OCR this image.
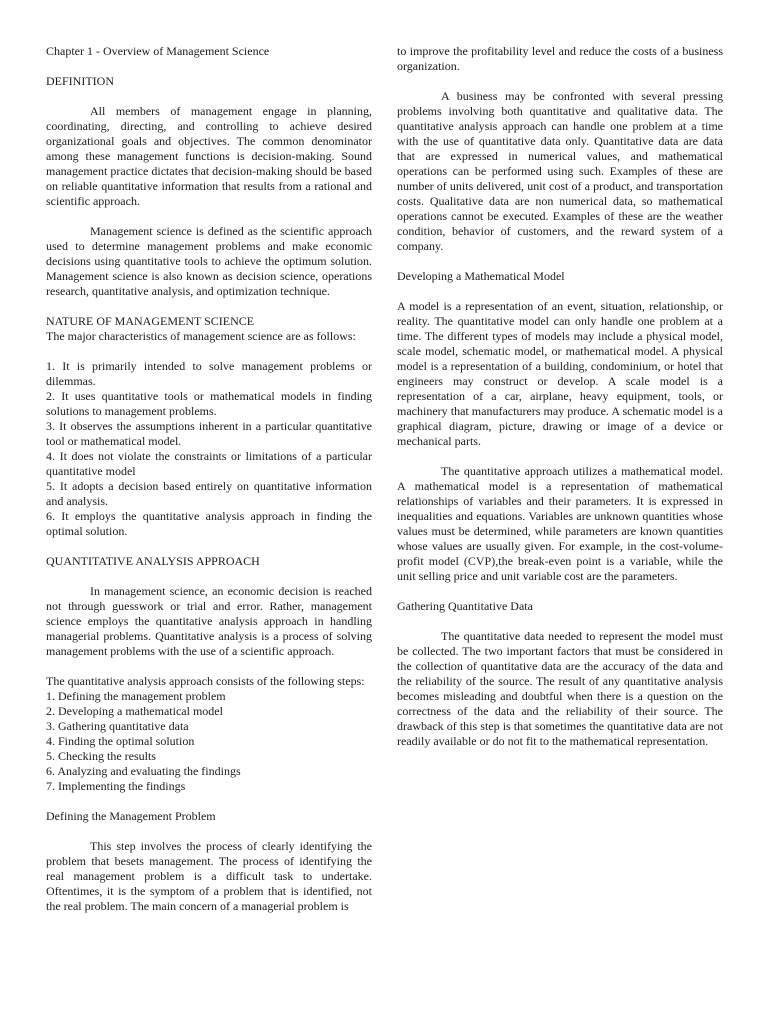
Chapter 1 - Overview of Management Science

DEFINITION

All members of management engage in planning, coordinating, directing, and controlling to achieve desired organizational goals and objectives. The common denominator among these management functions is decision-making. Sound management practice dictates that decision-making should be based on reliable quantitative information that results from a rational and scientific approach.

Management science is defined as the scientific approach used to determine management problems and make economic decisions using quantitative tools to achieve the optimum solution. Management science is also known as decision science, operations research, quantitative analysis, and optimization technique.

NATURE OF MANAGEMENT SCIENCE

The major characteristics of management science are as follows:

1. It is primarily intended to solve management problems or dilemmas.

2. It uses quantitative tools or mathematical models in finding solutions to management problems.

3. It observes the assumptions inherent in a particular quantitative tool or mathematical model.

4. It does not violate the constraints or limitations of a particular quantitative model

5. It adopts a decision based entirely on quantitative information and analysis.

6. It employs the quantitative analysis approach in finding the optimal solution.

QUANTITATIVE ANALYSIS APPROACH

In management science, an economic decision is reached not through guesswork or trial and error. Rather, management science employs the quantitative analysis approach in handling managerial problems. Quantitative analysis is a process of solving management problems with the use of a scientific approach.

The quantitative analysis approach consists of the following steps:

1. Defining the management problem

2. Developing a mathematical model

3. Gathering quantitative data

4. Finding the optimal solution

5. Checking the results

6. Analyzing and evaluating the findings

7. Implementing the findings

Defining the Management Problem

This step involves the process of clearly identifying the problem that besets management. The process of identifying the real management problem is a difficult task to undertake. Oftentimes, it is the symptom of a problem that is identified, not the real problem. The main concern of a managerial problem is

to improve the profitability level and reduce the costs of a business organization.

A business may be confronted with several pressing problems involving both quantitative and qualitative data. The quantitative analysis approach can handle one problem at a time with the use of quantitative data only. Quantitative data are data that are expressed in numerical values, and mathematical operations can be performed using such. Examples of these are number of units delivered, unit cost of a product, and transportation costs. Qualitative data are non numerical data, so mathematical operations cannot be executed. Examples of these are the weather condition, behavior of customers, and the reward system of a company.

Developing a Mathematical Model

A model is a representation of an event, situation, relationship, or reality. The quantitative model can only handle one problem at a time. The different types of models may include a physical model, scale model, schematic model, or mathematical model. A physical model is a representation of a building, condominium, or hotel that engineers may construct or develop. A scale model is a representation of a car, airplane, heavy equipment, tools, or machinery that manufacturers may produce. A schematic model is a graphical diagram, picture, drawing or image of a device or mechanical parts.

The quantitative approach utilizes a mathematical model. A mathematical model is a representation of mathematical relationships of variables and their parameters. It is expressed in inequalities and equations. Variables are unknown quantities whose values must be determined, while parameters are known quantities whose values are usually given. For example, in the cost-volume-profit model (CVP),the break-even point is a variable, while the unit selling price and unit variable cost are the parameters.

Gathering Quantitative Data

The quantitative data needed to represent the model must be collected. The two important factors that must be considered in the collection of quantitative data are the accuracy of the data and the reliability of the source. The result of any quantitative analysis becomes misleading and doubtful when there is a question on the correctness of the data and the reliability of their source. The drawback of this step is that sometimes the quantitative data are not readily available or do not fit to the mathematical representation.
